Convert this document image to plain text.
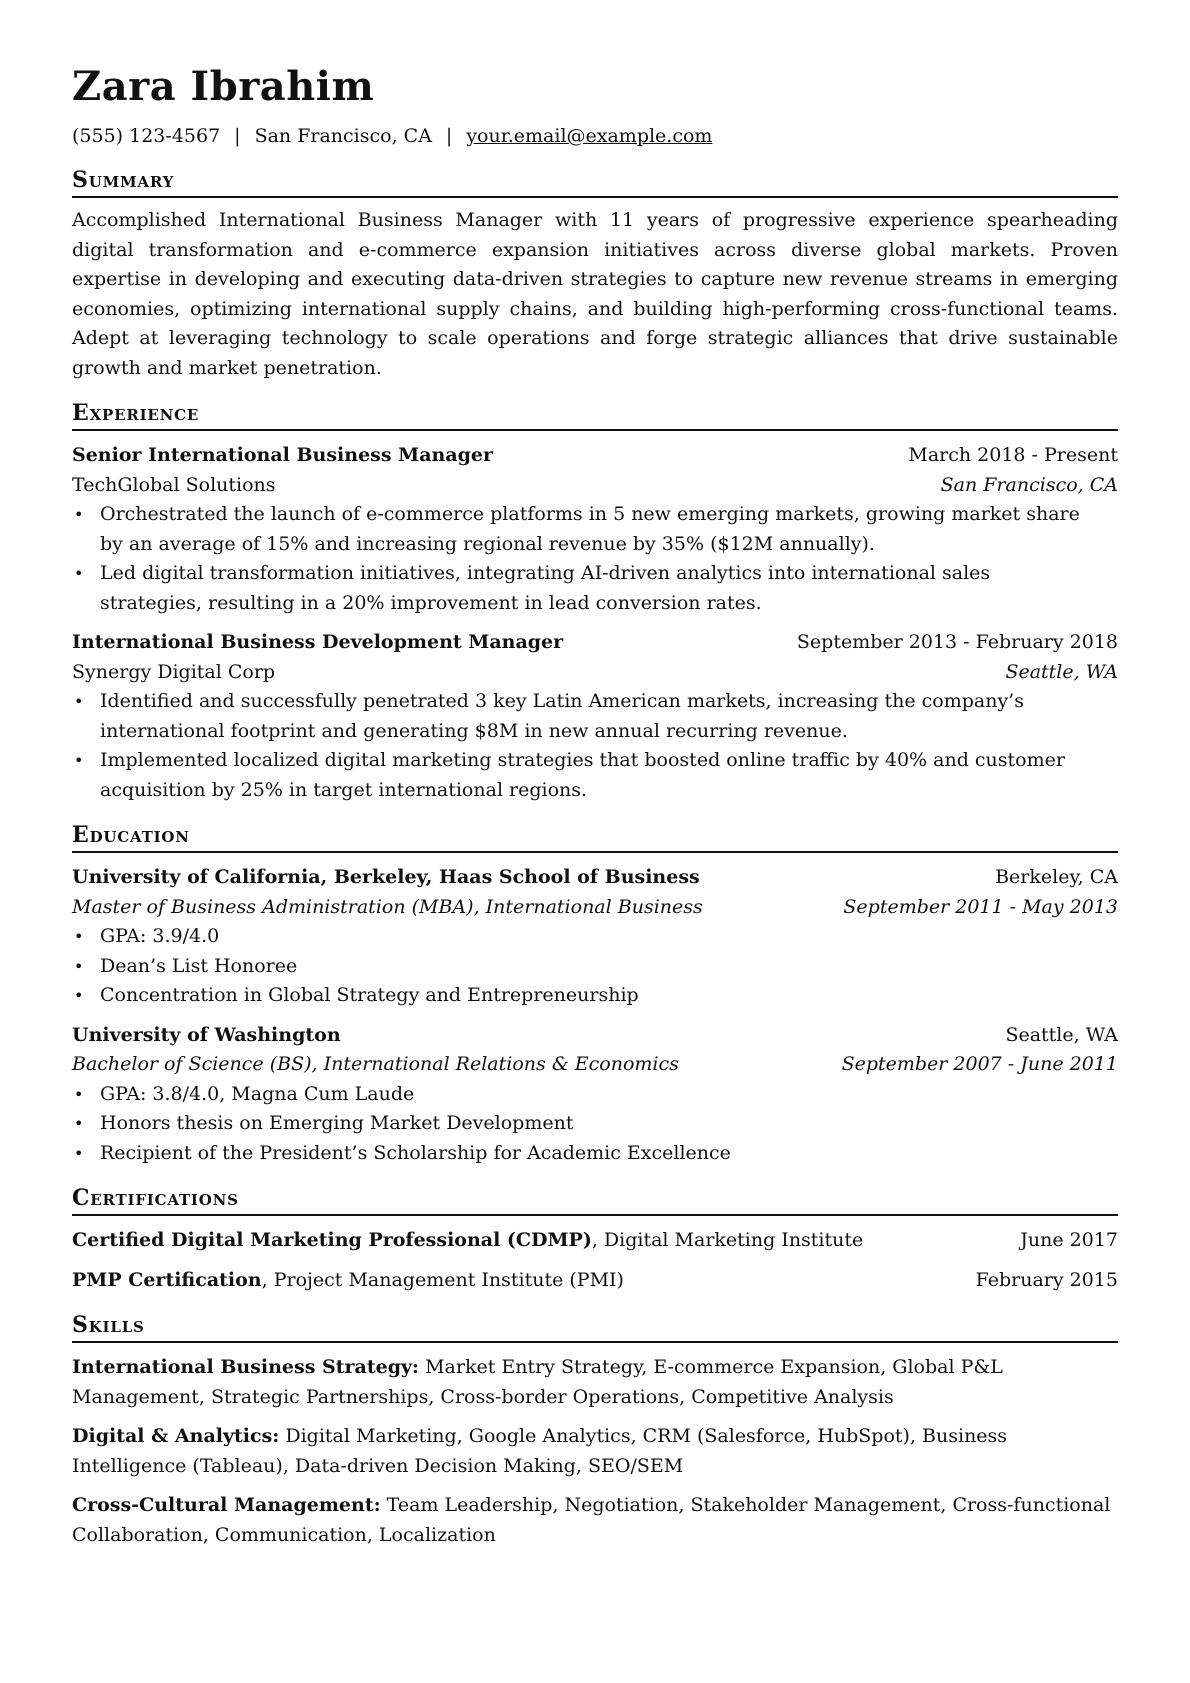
Zara Ibrahim
(555) 123-4567 | San Francisco, CA | your.email@example.com
Summary
Accomplished International Business Manager with 11 years of progressive experience spearheading digital transformation and e-commerce expansion initiatives across diverse global markets. Proven expertise in developing and executing data-driven strategies to capture new revenue streams in emerging economies, optimizing international supply chains, and building high-performing cross-functional teams. Adept at leveraging technology to scale operations and forge strategic alliances that drive sustainable growth and market penetration.
Experience
Senior International Business Manager	March 2018 - Present
TechGlobal Solutions	San Francisco, CA
• Orchestrated the launch of e-commerce platforms in 5 new emerging markets, growing market share by an average of 15% and increasing regional revenue by 35% ($12M annually).
• Led digital transformation initiatives, integrating AI-driven analytics into international sales strategies, resulting in a 20% improvement in lead conversion rates.
International Business Development Manager	September 2013 - February 2018
Synergy Digital Corp	Seattle, WA
• Identified and successfully penetrated 3 key Latin American markets, increasing the company’s international footprint and generating $8M in new annual recurring revenue.
• Implemented localized digital marketing strategies that boosted online traffic by 40% and customer acquisition by 25% in target international regions.
Education
University of California, Berkeley, Haas School of Business	Berkeley, CA
Master of Business Administration (MBA), International Business	September 2011 - May 2013
• GPA: 3.9/4.0
• Dean’s List Honoree
• Concentration in Global Strategy and Entrepreneurship
University of Washington	Seattle, WA
Bachelor of Science (BS), International Relations & Economics	September 2007 - June 2011
• GPA: 3.8/4.0, Magna Cum Laude
• Honors thesis on Emerging Market Development
• Recipient of the President’s Scholarship for Academic Excellence
Certifications
Certified Digital Marketing Professional (CDMP), Digital Marketing Institute	June 2017
PMP Certification, Project Management Institute (PMI)	February 2015
Skills
International Business Strategy: Market Entry Strategy, E-commerce Expansion, Global P&L Management, Strategic Partnerships, Cross-border Operations, Competitive Analysis
Digital & Analytics: Digital Marketing, Google Analytics, CRM (Salesforce, HubSpot), Business Intelligence (Tableau), Data-driven Decision Making, SEO/SEM
Cross-Cultural Management: Team Leadership, Negotiation, Stakeholder Management, Cross-functional Collaboration, Communication, Localization
